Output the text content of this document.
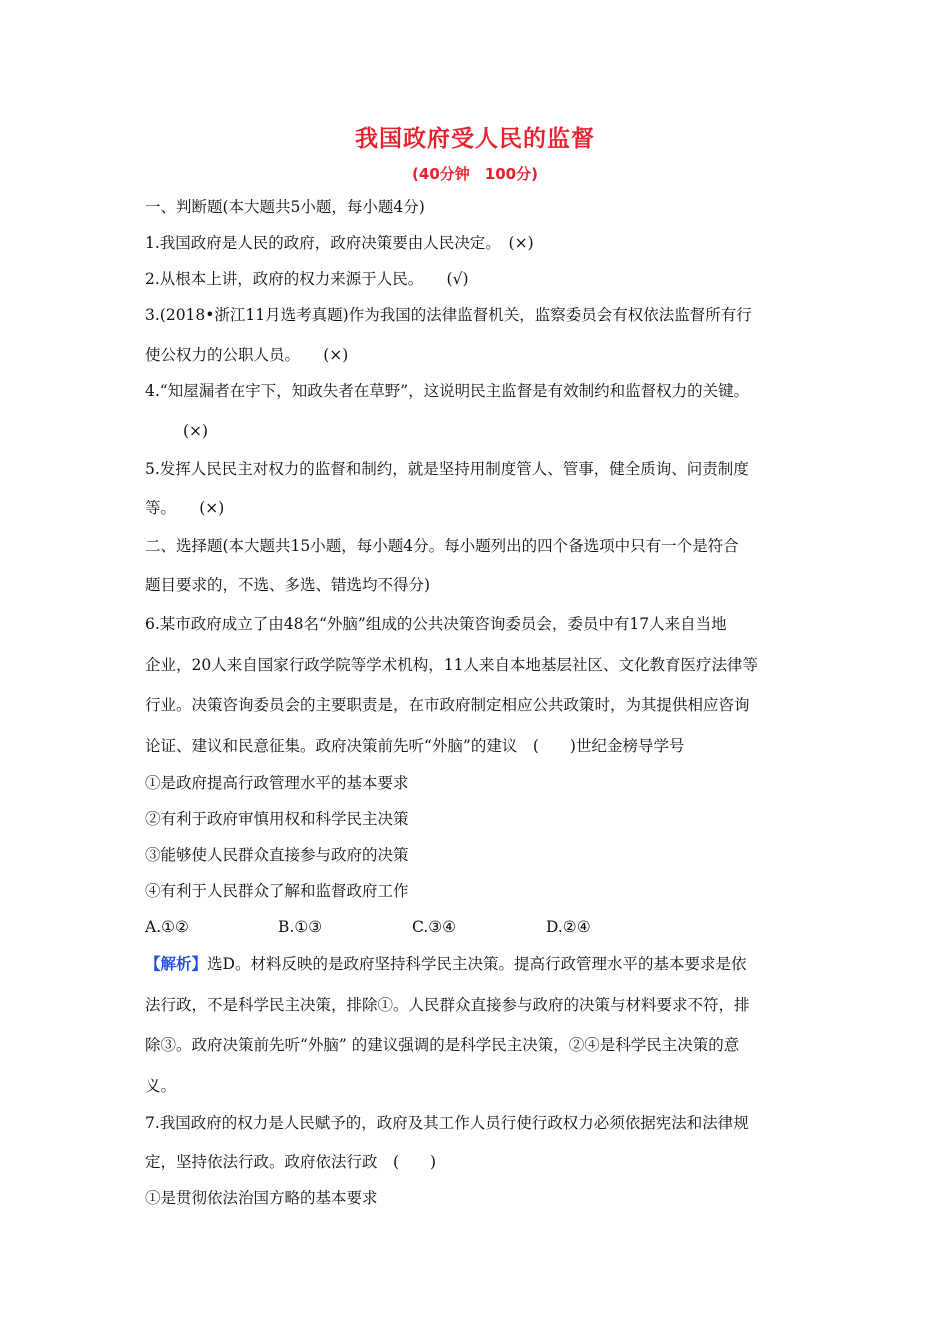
我国政府受人民的监督
(40分钟　100分)
一、判断题(本大题共5小题，每小题4分)
1.我国政府是人民的政府，政府决策要由人民决定。　(×)
2.从根本上讲，政府的权力来源于人民。　　(√)
3.(2018•浙江11月选考真题)作为我国的法律监督机关，监察委员会有权依法监督所有行
使公权力的公职人员。　　(×)
4.“知屋漏者在宇下，知政失者在草野”，这说明民主监督是有效制约和监督权力的关键。
(×)
5.发挥人民民主对权力的监督和制约，就是坚持用制度管人、管事，健全质询、问责制度
等。　　(×)
二、选择题(本大题共15小题，每小题4分。每小题列出的四个备选项中只有一个是符合
题目要求的，不选、多选、错选均不得分)
6.某市政府成立了由48名“外脑”组成的公共决策咨询委员会，委员中有17人来自当地
企业，20人来自国家行政学院等学术机构，11人来自本地基层社区、文化教育医疗法律等
行业。决策咨询委员会的主要职责是，在市政府制定相应公共政策时，为其提供相应咨询
论证、建议和民意征集。政府决策前先听“外脑”的建议　(　　)世纪金榜导学号
①是政府提高行政管理水平的基本要求
②有利于政府审慎用权和科学民主决策
③能够使人民群众直接参与政府的决策
④有利于人民群众了解和监督政府工作
A.①②	B.①③	C.③④	D.②④
【解析】选D。材料反映的是政府坚持科学民主决策。提高行政管理水平的基本要求是依
法行政，不是科学民主决策，排除①。人民群众直接参与政府的决策与材料要求不符，排
除③。政府决策前先听“外脑” 的建议强调的是科学民主决策，②④是科学民主决策的意
义。
7.我国政府的权力是人民赋予的，政府及其工作人员行使行政权力必须依据宪法和法律规
定，坚持依法行政。政府依法行政　(　　)
①是贯彻依法治国方略的基本要求
